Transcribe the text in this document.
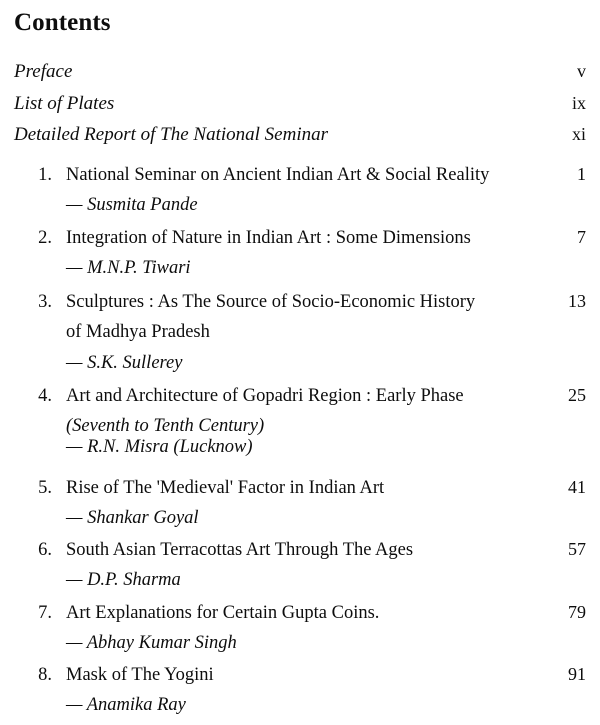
Contents
Preface	v
List of Plates	ix
Detailed Report of The National Seminar	xi
1. National Seminar on Ancient Indian Art & Social Reality	1
— Susmita Pande
2. Integration of Nature in Indian Art : Some Dimensions	7
— M.N.P. Tiwari
3. Sculptures : As The Source of Socio-Economic History	13
of Madhya Pradesh
— S.K. Sullerey
4. Art and Architecture of Gopadri Region : Early Phase	25
(Seventh to Tenth Century)
— R.N. Misra (Lucknow)
5. Rise of The 'Medieval' Factor in Indian Art	41
— Shankar Goyal
6. South Asian Terracottas Art Through The Ages	57
— D.P. Sharma
7. Art Explanations for Certain Gupta Coins.	79
— Abhay Kumar Singh
8. Mask of The Yogini	91
— Anamika Ray
